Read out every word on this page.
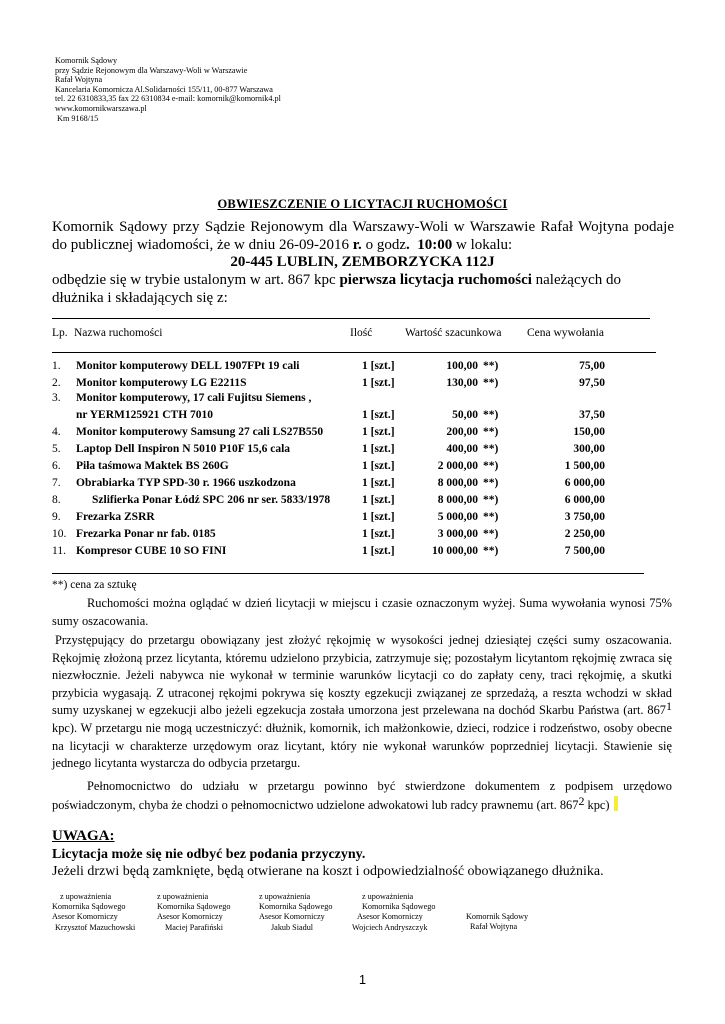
Komornik Sądowy
przy Sądzie Rejonowym dla Warszawy-Woli w Warszawie
Rafał Wojtyna
Kancelaria Komornicza Al.Solidarności 155/11, 00-877 Warszawa
tel. 22 6310833,35 fax 22 6310834 e-mail: komornik@komornik4.pl
www.komornikwarszawa.pl
Km 9168/15
OBWIESZCZENIE O LICYTACJI RUCHOMOŚCI
Komornik Sądowy przy Sądzie Rejonowym dla Warszawy-Woli w Warszawie Rafał Wojtyna podaje do publicznej wiadomości, że w dniu 26-09-2016 r. o godz. 10:00 w lokalu:
20-445 LUBLIN, ZEMBORZYCKA 112J
odbędzie się w trybie ustalonym w art. 867 kpc pierwsza licytacja ruchomości należących do dłużnika i składających się z:
Lp. Nazwa ruchomości	Ilość	Wartość szacunkowa Cena wywołania
1. Monitor komputerowy DELL 1907FPt 19 cali	1 [szt.]	100,00 **)	75,00
2. Monitor komputerowy LG E2211S	1 [szt.]	130,00 **)	97,50
3. Monitor komputerowy, 17 cali Fujitsu Siemens ,
nr YERM125921 CTH 7010	1 [szt.]	50,00 **)	37,50
4. Monitor komputerowy Samsung 27 cali LS27B550	1 [szt.]	200,00 **)	150,00
5. Laptop Dell Inspiron N 5010 P10F 15,6 cala	1 [szt.]	400,00 **)	300,00
6. Piła taśmowa Maktek BS 260G	1 [szt.]	2 000,00 **)	1 500,00
7. Obrabiarka TYP SPD-30 r. 1966 uszkodzona	1 [szt.]	8 000,00 **)	6 000,00
8.	Szlifierka Ponar Łódź SPC 206 nr ser. 5833/1978	1 [szt.]	8 000,00 **)	6 000,00
9. Frezarka ZSRR	1 [szt.]	5 000,00 **)	3 750,00
10. Frezarka Ponar nr fab. 0185	1 [szt.]	3 000,00 **)	2 250,00
11. Kompresor CUBE 10 SO FINI	1 [szt.]	10 000,00 **)	7 500,00
**) cena za sztukę
Ruchomości można oglądać w dzień licytacji w miejscu i czasie oznaczonym wyżej. Suma wywołania wynosi 75% sumy oszacowania.
Przystępujący do przetargu obowiązany jest złożyć rękojmię w wysokości jednej dziesiątej części sumy oszacowania. Rękojmię złożoną przez licytanta, któremu udzielono przybicia, zatrzymuje się; pozostałym licytantom rękojmię zwraca się niezwłocznie. Jeżeli nabywca nie wykonał w terminie warunków licytacji co do zapłaty ceny, traci rękojmię, a skutki przybicia wygasają. Z utraconej rękojmi pokrywa się koszty egzekucji związanej ze sprzedażą, a reszta wchodzi w skład sumy uzyskanej w egzekucji albo jeżeli egzekucja została umorzona jest przelewana na dochód Skarbu Państwa (art. $867^1$ kpc). W przetargu nie mogą uczestniczyć: dłużnik, komornik, ich małżonkowie, dzieci, rodzice i rodzeństwo, osoby obecne na licytacji w charakterze urzędowym oraz licytant, który nie wykonał warunków poprzedniej licytacji. Stawienie się jednego licytanta wystarcza do odbycia przetargu.
Pełnomocnictwo do udziału w przetargu powinno być stwierdzone dokumentem z podpisem urzędowo poświadczonym, chyba że chodzi o pełnomocnictwo udzielone adwokatowi lub radcy prawnemu (art. $867^2$ kpc)
UWAGA:
Licytacja może się nie odbyć bez podania przyczyny.
Jeżeli drzwi będą zamknięte, będą otwierane na koszt i odpowiedzialność obowiązanego dłużnika.
z upoważnienia
Komornika Sądowego
Asesor Komorniczy
Krzysztof Mazuchowski
z upoważnienia
Komornika Sądowego
Asesor Komorniczy
Maciej Parafiński
z upoważnienia
Komornika Sądowego
Asesor Komorniczy
Jakub Siadul
z upoważnienia
Komornika Sądowego
Asesor Komorniczy
Wojciech Andryszczyk
Komornik Sądowy
Rafał Wojtyna
1
